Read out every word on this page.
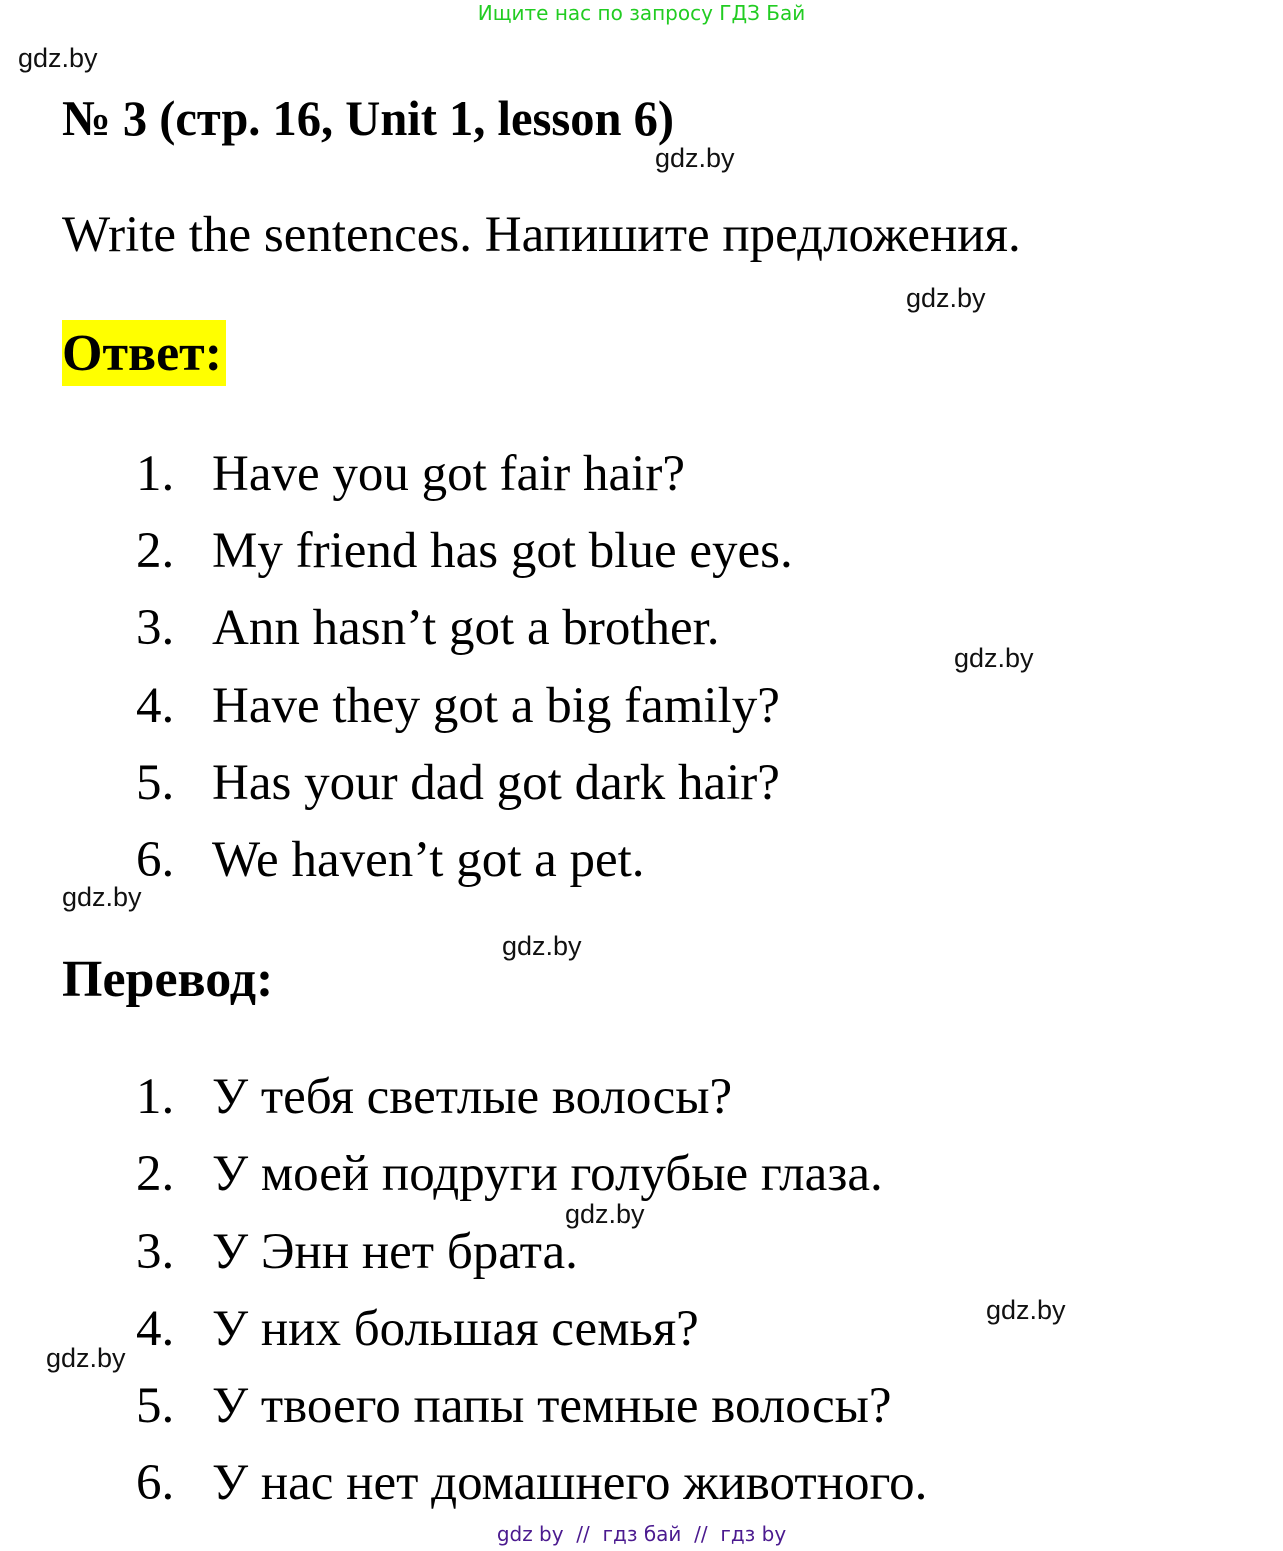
Ищите нас по запросу ГДЗ Бай
gdz.by
gdz.by
gdz.by
gdz.by
gdz.by
gdz.by
gdz.by
gdz.by
gdz.by
№ 3 (стр. 16, Unit 1, lesson 6)
Write the sentences. Напишите предложения.
Ответ:
1. Have you got fair hair?
2. My friend has got blue eyes.
3. Ann hasn’t got a brother.
4. Have they got a big family?
5. Has your dad got dark hair?
6. We haven’t got a pet.
Перевод:
1. У тебя светлые волосы?
2. У моей подруги голубые глаза.
3. У Энн нет брата.
4. У них большая семья?
5. У твоего папы темные волосы?
6. У нас нет домашнего животного.
gdz by  //  гдз бай  //  гдз by
